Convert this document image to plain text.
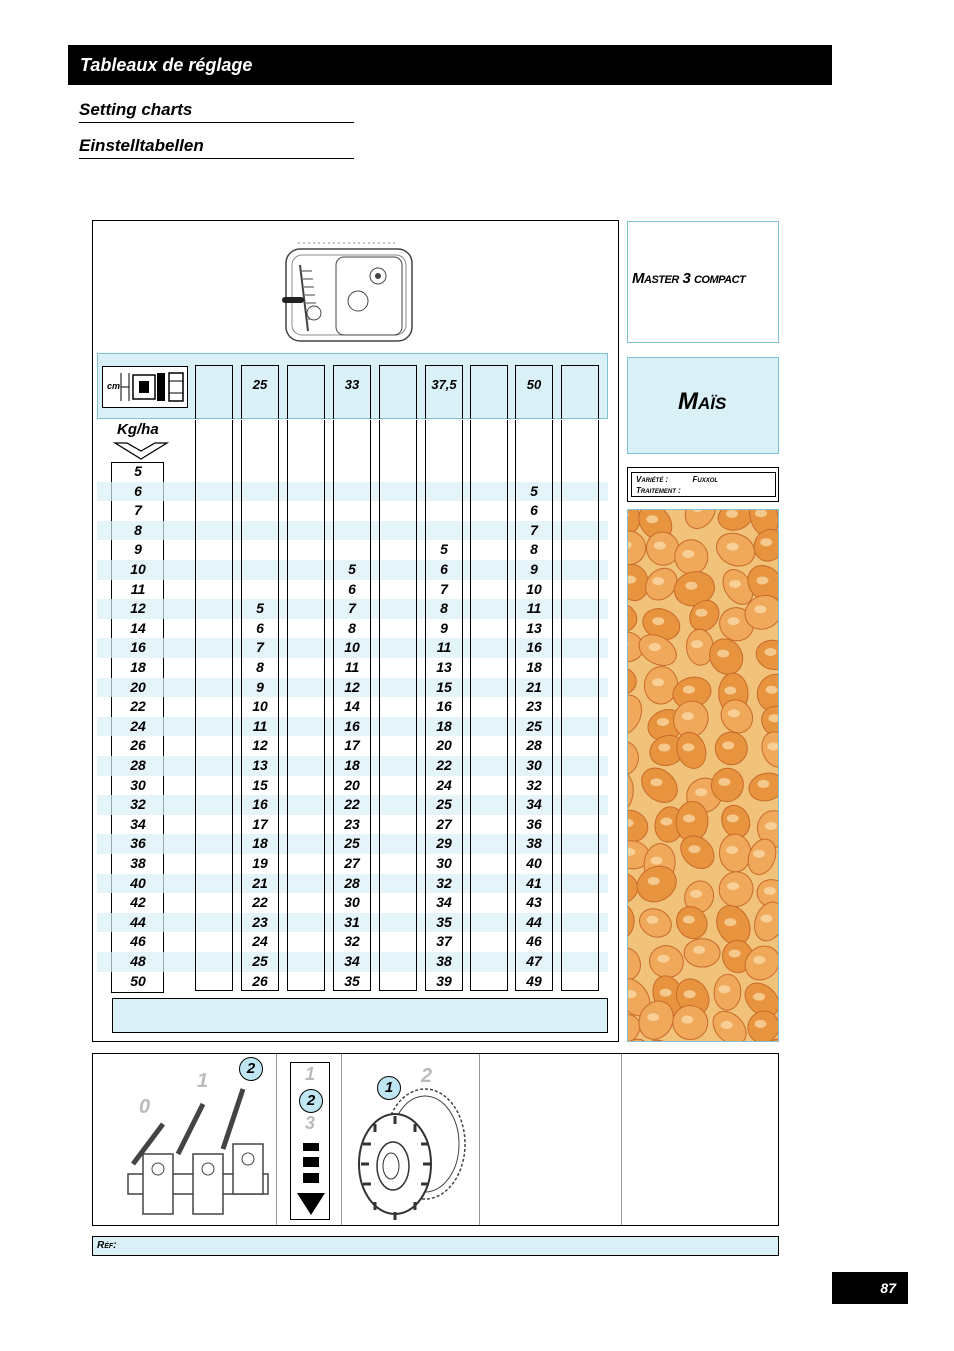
Tableaux de réglage
Setting charts
Einstelltabellen
cm
Kg/ha
5
6
7
8
9
10
11
12
14
16
18
20
22
24
26
28
30
32
34
36
38
40
42
44
46
48
50
25
5
6
7
8
9
10
11
12
13
15
16
17
18
19
21
22
23
24
25
26
33
5
6
7
8
10
11
12
14
16
17
18
20
22
23
25
27
28
30
31
32
34
35
37,5
5
6
7
8
9
11
13
15
16
18
20
22
24
25
27
29
30
32
34
35
37
38
39
50
5
6
7
8
9
10
11
13
16
18
21
23
25
28
30
32
34
36
38
40
41
43
44
46
47
49
Master 3 compact
Maïs
Variété :	Fuxxol
Traitement :
0
1
2	1
2
3
1
2
Réf:
87
